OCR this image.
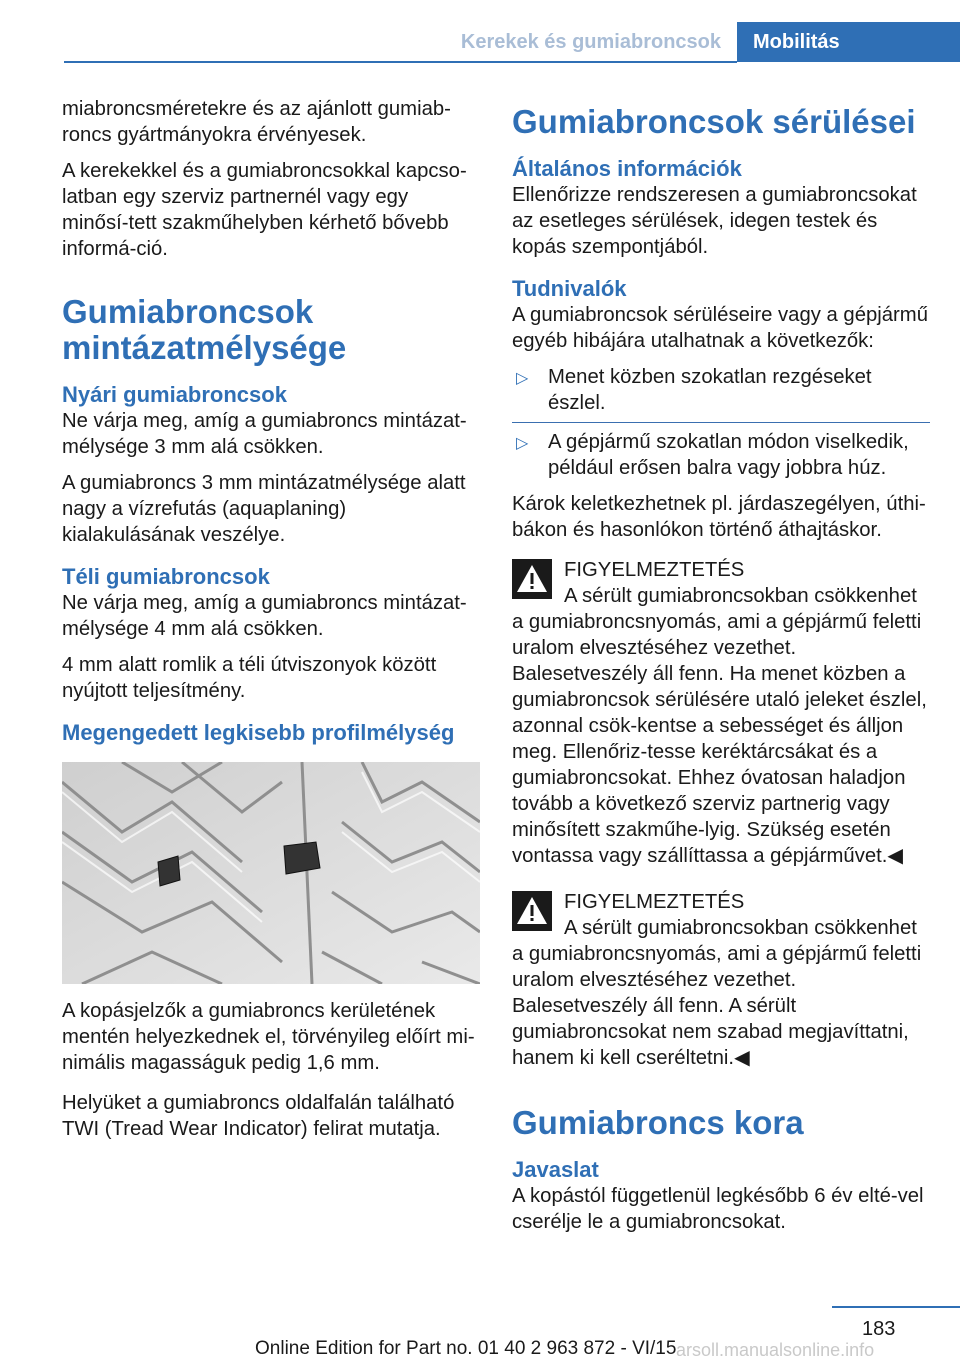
Kerekek és gumiabroncsok	Mobilitás

miabroncsméretekre és az ajánlott gumiab-roncs gyártmányokra érvényesek.

A kerekekkel és a gumiabroncsokkal kapcso-latban egy szerviz partnernél vagy egy minősí-tett szakműhelyben kérhető bővebb informá-ció.

Gumiabroncsok mintázatmélysége
Nyári gumiabroncsok

Ne várja meg, amíg a gumiabroncs mintázat-mélysége 3 mm alá csökken.

A gumiabroncs 3 mm mintázatmélysége alatt nagy a vízrefutás (aquaplaning) kialakulásának veszélye.

Téli gumiabroncsok

Ne várja meg, amíg a gumiabroncs mintázat-mélysége 4 mm alá csökken.

4 mm alatt romlik a téli útviszonyok között nyújtott teljesítmény.

Megengedett legkisebb profilmélység

A kopásjelzők a gumiabroncs kerületének mentén helyezkednek el, törvényileg előírt mi-nimális magasságuk pedig 1,6 mm.

Helyüket a gumiabroncs oldalfalán található TWI (Tread Wear Indicator) felirat mutatja.

Gumiabroncsok sérülései
Általános információk

Ellenőrizze rendszeresen a gumiabroncsokat az esetleges sérülések, idegen testek és kopás szempontjából.

Tudnivalók

A gumiabroncsok sérüléseire vagy a gépjármű egyéb hibájára utalhatnak a következők:

▷ Menet közben szokatlan rezgéseket észlel.
▷ A gépjármű szokatlan módon viselkedik, például erősen balra vagy jobbra húz.

Károk keletkezhetnek pl. járdaszegélyen, úthi-bákon és hasonlókon történő áthajtáskor.

FIGYELMEZTETÉS
A sérült gumiabroncsokban csökkenhet
a gumiabroncsnyomás, ami a gépjármű feletti uralom elvesztéséhez vezethet. Balesetveszély áll fenn. Ha menet közben a gumiabroncsok sérülésére utaló jeleket észlel, azonnal csök-kentse a sebességet és álljon meg. Ellenőriz-tesse keréktárcsákat és a gumiabroncsokat. Ehhez óvatosan haladjon tovább a következő szerviz partnerig vagy minősített szakműhe-lyig. Szükség esetén vontassa vagy szállíttassa a gépjárművet.◀
FIGYELMEZTETÉS
A sérült gumiabroncsokban csökkenhet
a gumiabroncsnyomás, ami a gépjármű feletti uralom elvesztéséhez vezethet. Balesetveszély áll fenn. A sérült gumiabroncsokat nem szabad megjavíttatni, hanem ki kell cseréltetni.◀
Gumiabroncs kora
Javaslat

A kopástól függetlenül legkésőbb 6 év elté-vel cserélje le a gumiabroncsokat.

183
Online Edition for Part no. 01 40 2 963 872 - VI/15 arsoll.manualsonline.info
